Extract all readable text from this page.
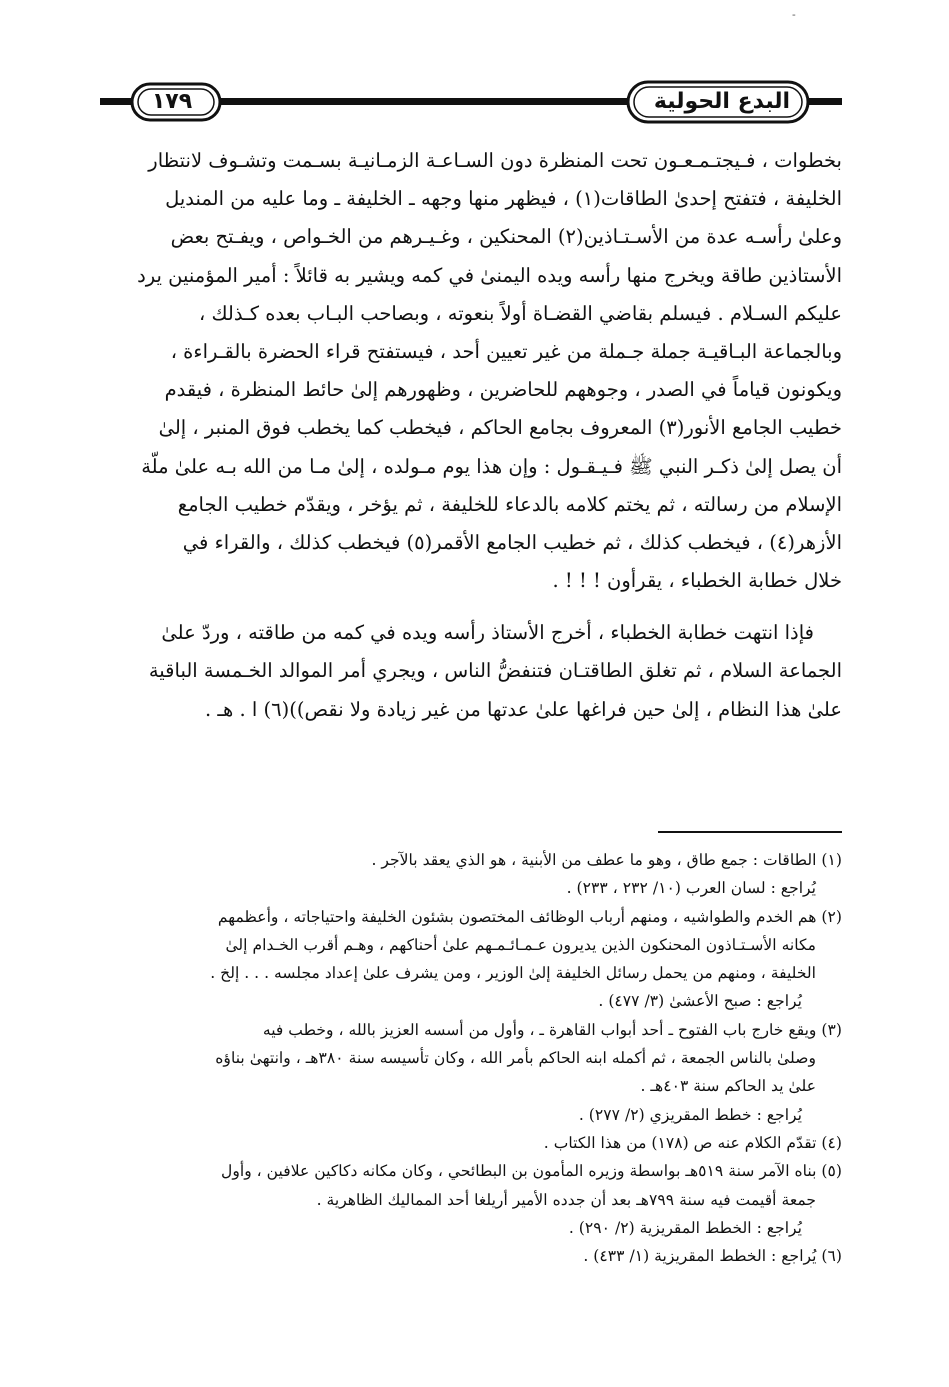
-
البدع الحولية
١٧٩
بخطوات ، فـيجتـمـعـون تحت المنظرة دون السـاعـة الزمـانيـة بسـمت وتشـوف لانتظار
الخليفة ، فتفتح إحدىٰ الطاقات(١) ، فيظهر منها وجهه ـ الخليفة ـ وما عليه من المنديل
وعلىٰ رأسـه عدة من الأسـتـاذين(٢) المحنكين ، وغـيـرهم من الخـواص ، ويفـتح بعض
الأستاذين طاقة ويخرج منها رأسه ويده اليمنىٰ في كمه ويشير به قائلاً : أمير المؤمنين يرد
عليكم السـلام . فيسلم بقاضي القضـاة أولاً بنعوته ، وبصاحب البـاب بعده كـذلك ،
وبالجماعة البـاقيـة جملة جـملة من غير تعيين أحد ، فيستفتح قراء الحضرة بالقـراءة ،
ويكونون قياماً في الصدر ، وجوههم للحاضرين ، وظهورهم إلىٰ حائط المنظرة ، فيقدم
خطيب الجامع الأنور(٣) المعروف بجامع الحاكم ، فيخطب كما يخطب فوق المنبر ، إلىٰ
أن يصل إلىٰ ذكـر النبي ﷺ فـيـقـول : وإن هذا يوم مـولده ، إلىٰ مـا من الله بـه علىٰ ملّة
الإسلام من رسالته ، ثم يختم كلامه بالدعاء للخليفة ، ثم يؤخر ، ويقدّم خطيب الجامع
الأزهر(٤) ، فيخطب كذلك ، ثم خطيب الجامع الأقمر(٥) فيخطب كذلك ، والقراء في
خلال خطابة الخطباء ، يقرأون ! ! ! .
فإذا انتهت خطابة الخطباء ، أخرج الأستاذ رأسه ويده في كمه من طاقته ، وردّ علىٰ
الجماعة السلام ، ثم تغلق الطاقتـان فتنفضُّ الناس ، ويجري أمر الموالد الخـمسة الباقية
علىٰ هذا النظام ، إلىٰ حين فراغها علىٰ عدتها من غير زيادة ولا نقص))(٦) ا . هـ .
(١) الطاقات : جمع طاق ، وهو ما عطف من الأبنية ، هو الذي يعقد بالآجر .
يُراجع : لسان العرب (١٠/ ٢٣٢ ، ٢٣٣) .
(٢) هم الخدم والطواشيه ، ومنهم أرباب الوظائف المختصون بشئون الخليفة واحتياجاته ، وأعظمهم
مكانه الأسـتـاذون المحنكون الذين يديرون عـمـائـمـهم علىٰ أحناكهم ، وهـم أقرب الخـدام إلىٰ
الخليفة ، ومنهم من يحمل رسائل الخليفة إلىٰ الوزير ، ومن يشرف علىٰ إعداد مجلسه . . . إلخ .
يُراجع : صبح الأعشىٰ (٣/ ٤٧٧) .
(٣) ويقع خارج باب الفتوح ـ أحد أبواب القاهرة ـ ، وأول من أسسه العزيز بالله ، وخطب فيه
وصلىٰ بالناس الجمعة ، ثم أكمله ابنه الحاكم بأمر الله ، وكان تأسيسه سنة ٣٨٠هـ ، وانتهىٰ بناؤه
علىٰ يد الحاكم سنة ٤٠٣هـ .
يُراجع : خطط المقريزي (٢/ ٢٧٧) .
(٤) تقدّم الكلام عنه ص (١٧٨) من هذا الكتاب .
(٥) بناه الآمر سنة ٥١٩هـ بواسطة وزيره المأمون بن البطائحي ، وكان مكانه دكاكين علافين ، وأول
جمعة أقيمت فيه سنة ٧٩٩هـ بعد أن جدده الأمير أريلغا أحد المماليك الظاهرية .
يُراجع : الخطط المقريزية (٢/ ٢٩٠) .
(٦) يُراجع : الخطط المقريزية (١/ ٤٣٣) .
